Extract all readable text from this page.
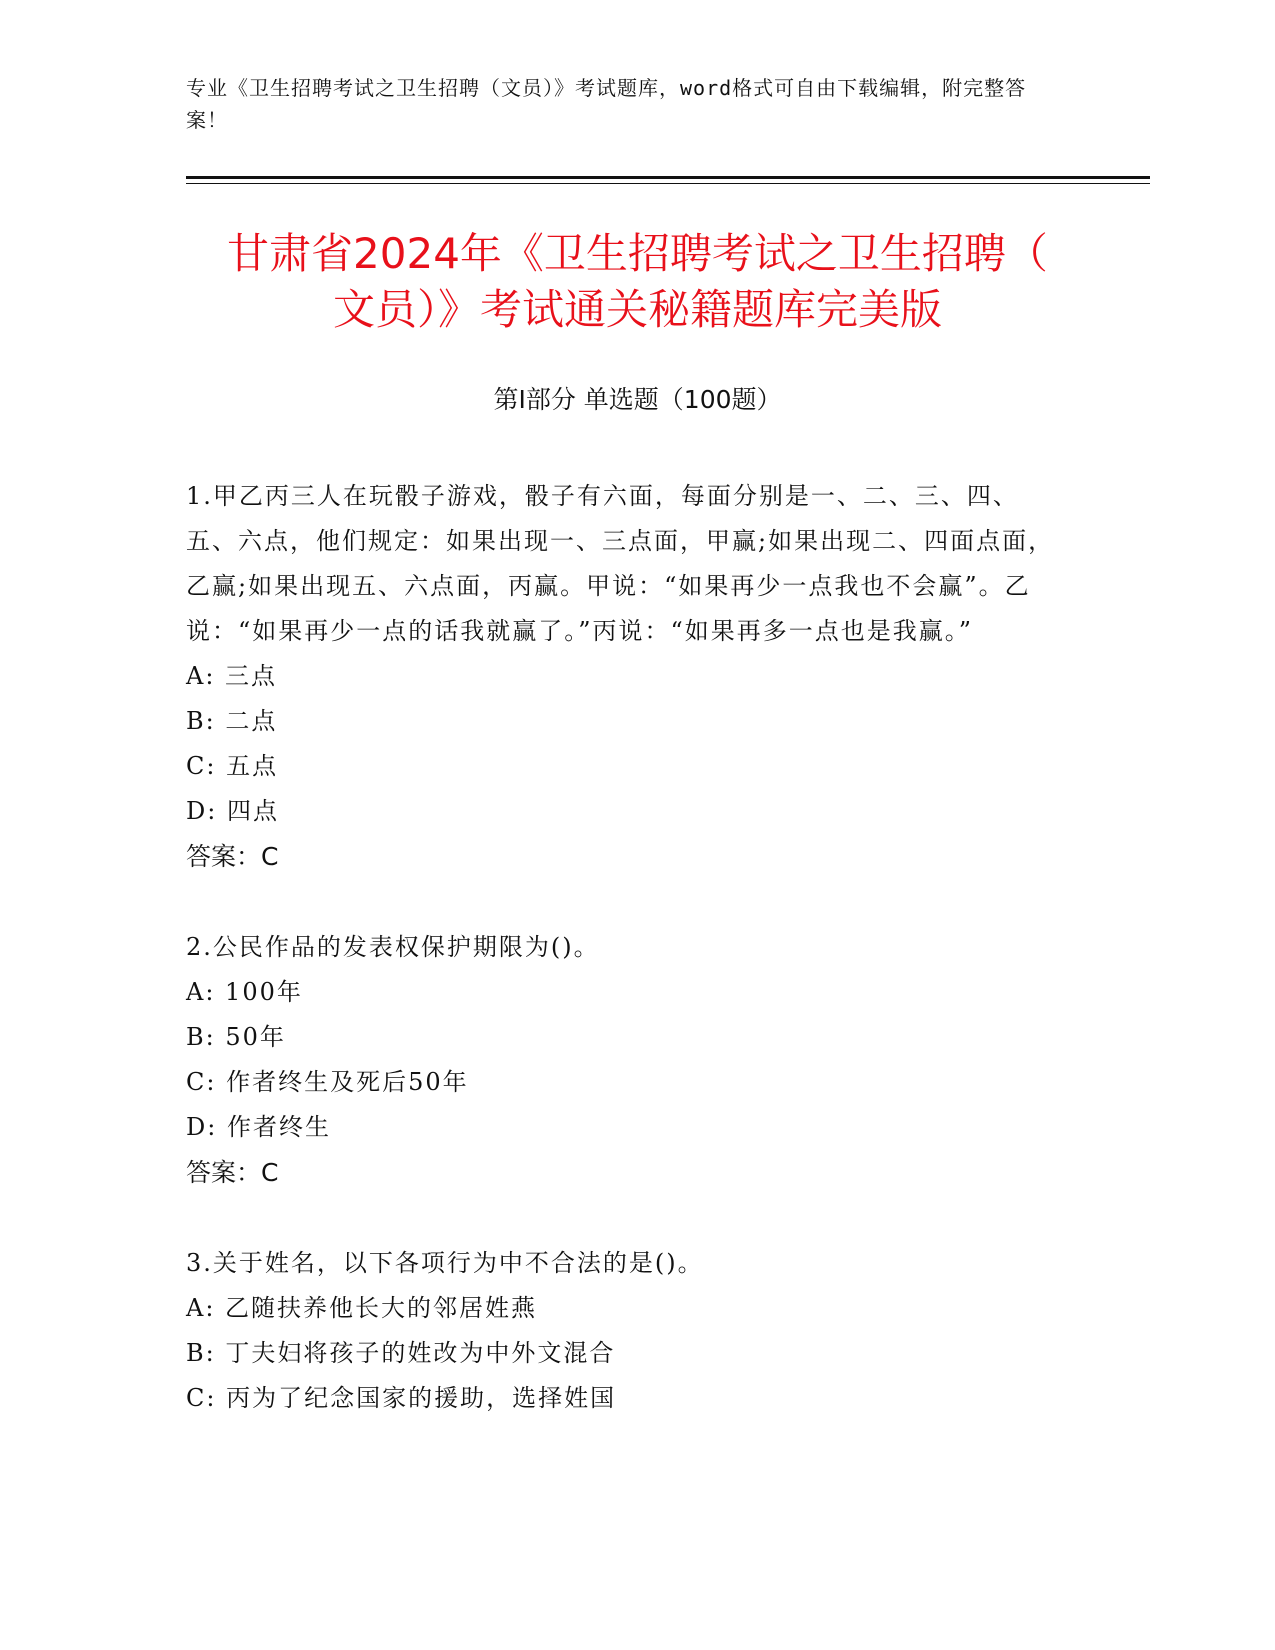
专业《卫生招聘考试之卫生招聘（文员）》考试题库，word格式可自由下载编辑，附完整答案！
甘肃省2024年《卫生招聘考试之卫生招聘（
文员）》考试通关秘籍题库完美版
第Ⅰ部分 单选题（100题）
1.甲乙丙三人在玩骰子游戏，骰子有六面，每面分别是一、二、三、四、五、六点，他们规定：如果出现一、三点面，甲赢;如果出现二、四面点面，乙赢;如果出现五、六点面，丙赢。甲说：“如果再少一点我也不会赢”。乙说：“如果再少一点的话我就赢了。”丙说：“如果再多一点也是我赢。”
A: 三点
B: 二点
C: 五点
D: 四点
答案：C
2.公民作品的发表权保护期限为()。
A: 100年
B: 50年
C: 作者终生及死后50年
D: 作者终生
答案：C
3.关于姓名，以下各项行为中不合法的是()。
A: 乙随扶养他长大的邻居姓燕
B: 丁夫妇将孩子的姓改为中外文混合
C: 丙为了纪念国家的援助，选择姓国
